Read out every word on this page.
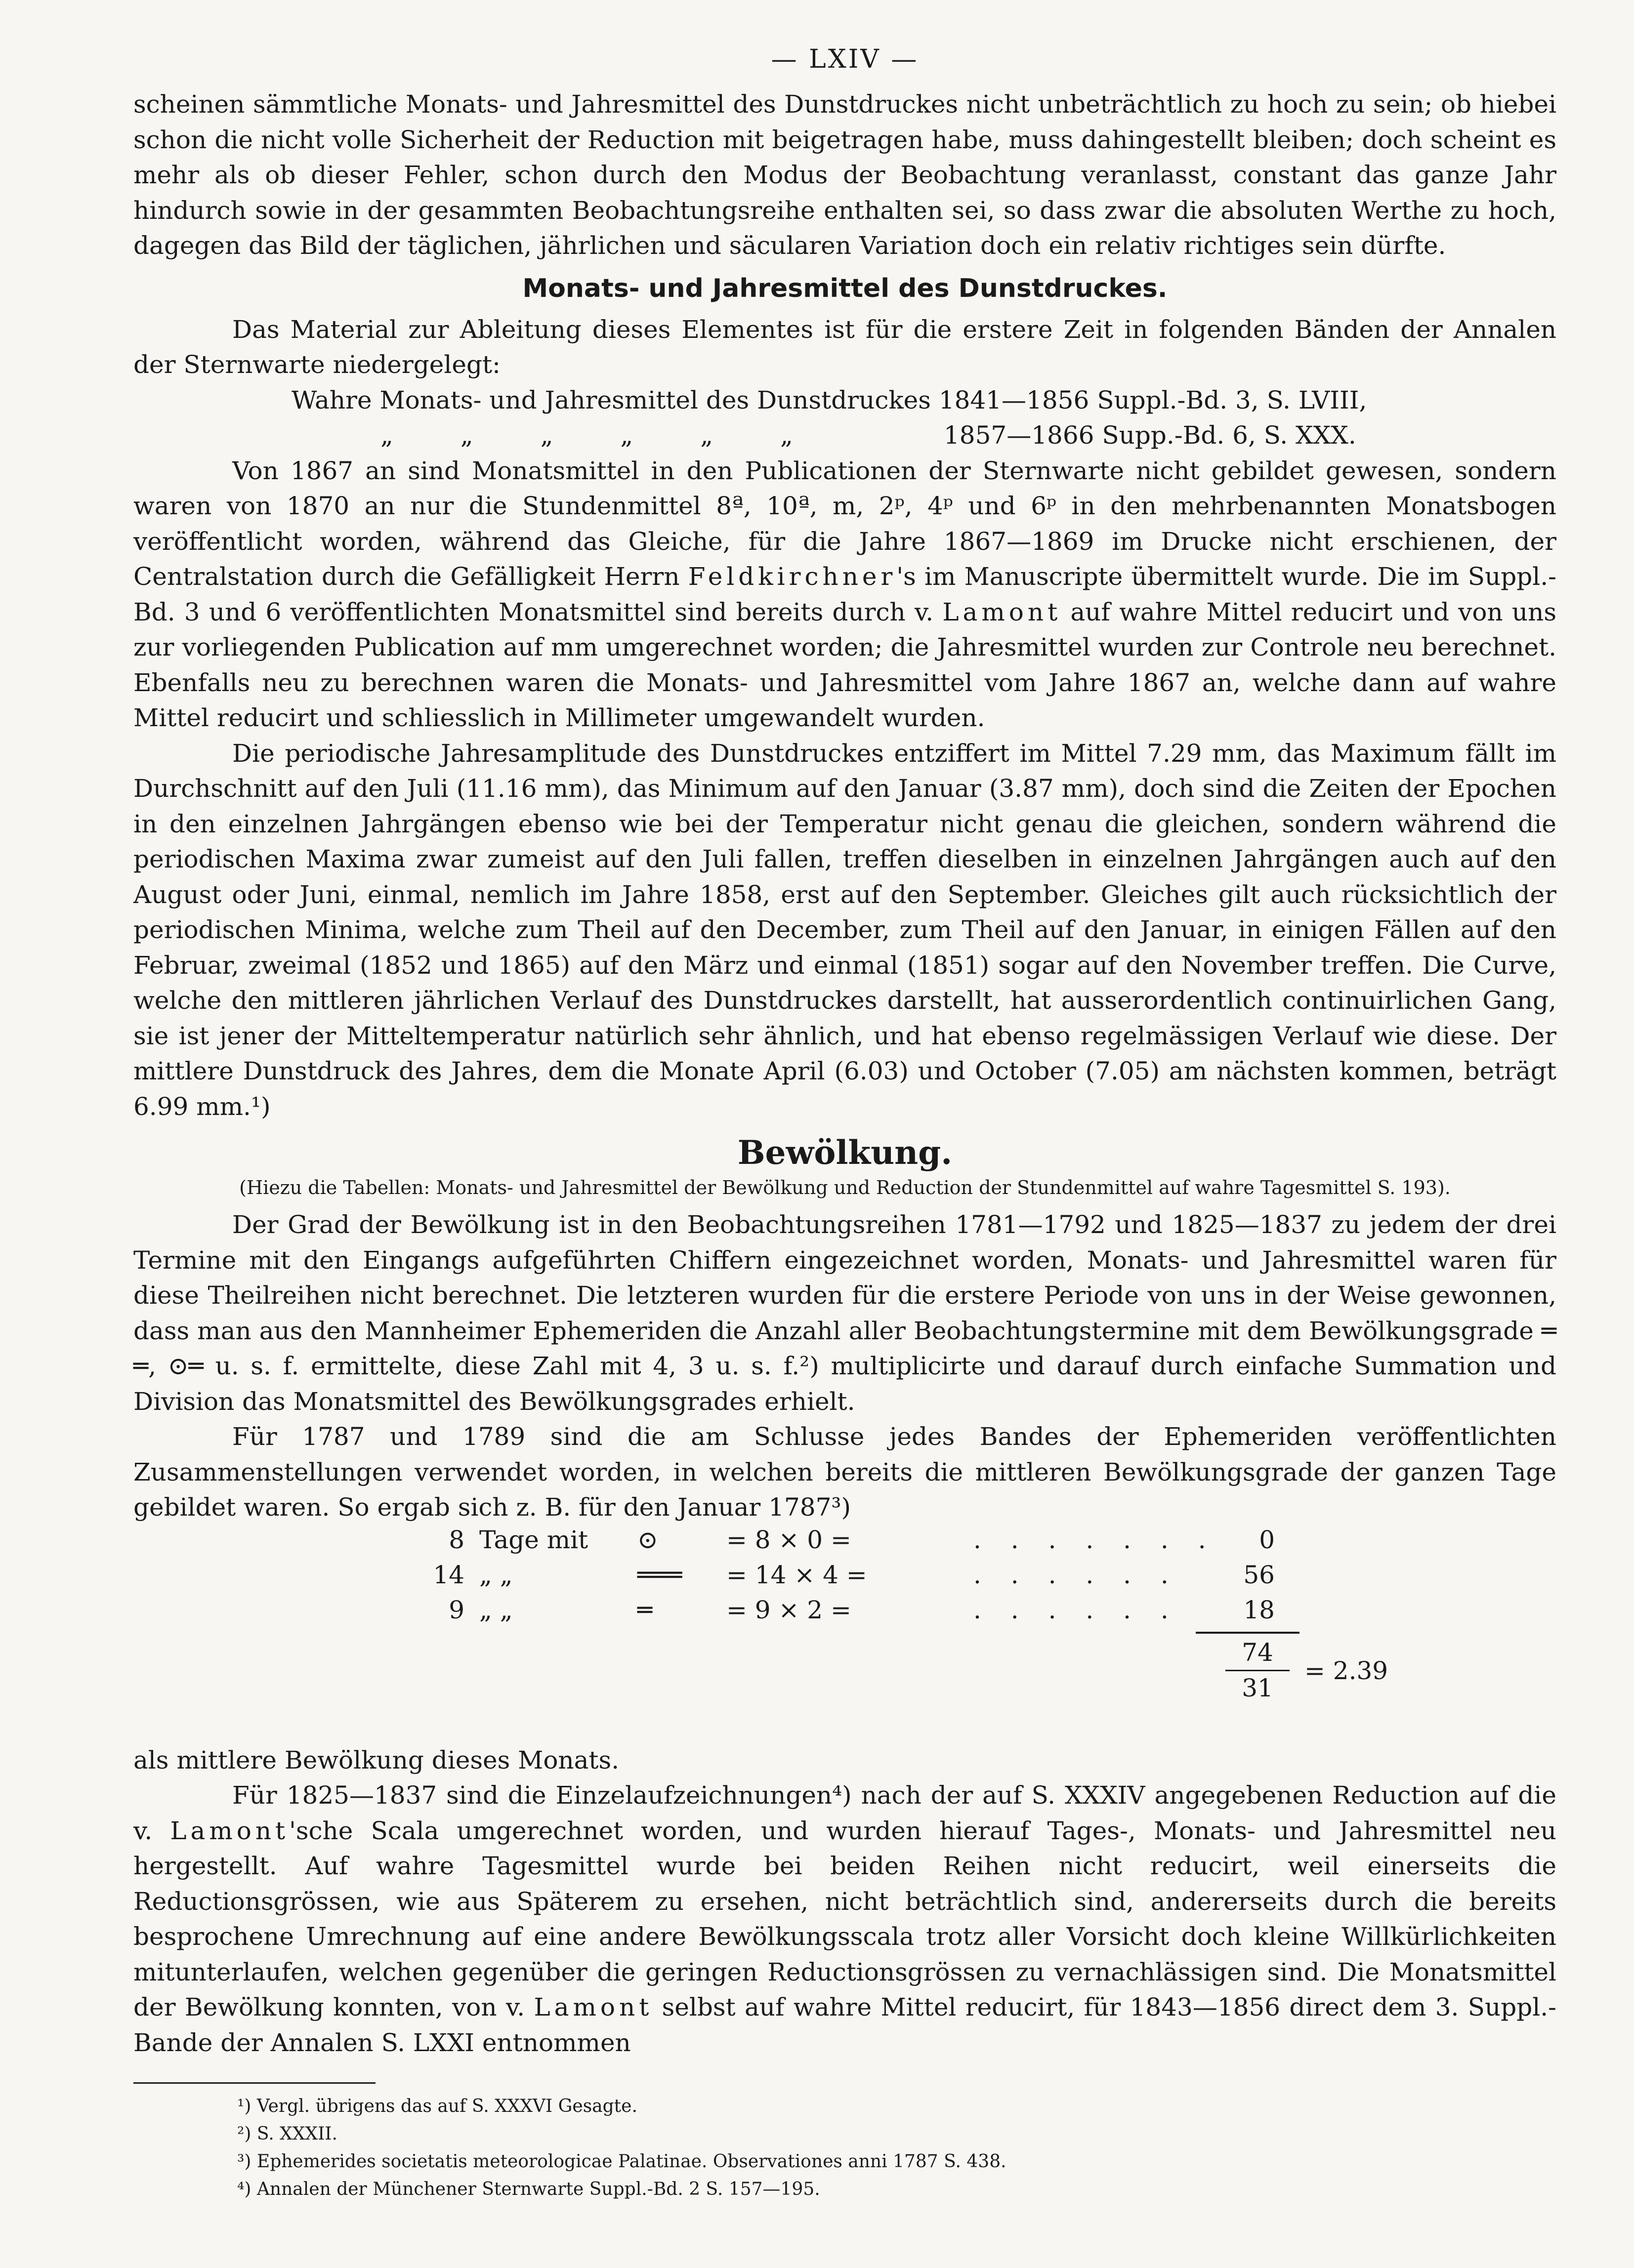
— LXIV —

scheinen sämmtliche Monats- und Jahresmittel des Dunstdruckes nicht unbeträchtlich zu hoch zu sein; ob hiebei schon die nicht volle Sicherheit der Reduction mit beigetragen habe, muss dahingestellt bleiben; doch scheint es mehr als ob dieser Fehler, schon durch den Modus der Beobachtung veranlasst, constant das ganze Jahr hindurch sowie in der gesammten Beobachtungsreihe enthalten sei, so dass zwar die absoluten Werthe zu hoch, dagegen das Bild der täglichen, jährlichen und säcularen Variation doch ein relativ richtiges sein dürfte.

Monats- und Jahresmittel des Dunstdruckes.

Das Material zur Ableitung dieses Elementes ist für die erstere Zeit in folgenden Bänden der Annalen der Sternwarte niedergelegt:

Wahre Monats- und Jahresmittel des Dunstdruckes 1841—1856 Suppl.-Bd. 3, S. LVIII,
„ „ „ „ „ „	1857—1866 Supp.-Bd. 6, S. XXX.

Von 1867 an sind Monatsmittel in den Publicationen der Sternwarte nicht gebildet gewesen, sondern waren von 1870 an nur die Stundenmittel 8ª, 10ª, m, 2ᵖ, 4ᵖ und 6ᵖ in den mehrbenannten Monatsbogen veröffentlicht worden, während das Gleiche, für die Jahre 1867—1869 im Drucke nicht erschienen, der Centralstation durch die Gefälligkeit Herrn Feldkirchner's im Manuscripte übermittelt wurde. Die im Suppl.-Bd. 3 und 6 veröffentlichten Monatsmittel sind bereits durch v. Lamont auf wahre Mittel reducirt und von uns zur vorliegenden Publication auf mm umgerechnet worden; die Jahresmittel wurden zur Controle neu berechnet. Ebenfalls neu zu berechnen waren die Monats- und Jahresmittel vom Jahre 1867 an, welche dann auf wahre Mittel reducirt und schliesslich in Millimeter umgewandelt wurden.

Die periodische Jahresamplitude des Dunstdruckes entziffert im Mittel 7.29 mm, das Maximum fällt im Durchschnitt auf den Juli (11.16 mm), das Minimum auf den Januar (3.87 mm), doch sind die Zeiten der Epochen in den einzelnen Jahrgängen ebenso wie bei der Temperatur nicht genau die gleichen, sondern während die periodischen Maxima zwar zumeist auf den Juli fallen, treffen dieselben in einzelnen Jahrgängen auch auf den August oder Juni, einmal, nemlich im Jahre 1858, erst auf den September. Gleiches gilt auch rücksichtlich der periodischen Minima, welche zum Theil auf den December, zum Theil auf den Januar, in einigen Fällen auf den Februar, zweimal (1852 und 1865) auf den März und einmal (1851) sogar auf den November treffen. Die Curve, welche den mittleren jährlichen Verlauf des Dunstdruckes darstellt, hat ausserordentlich continuirlichen Gang, sie ist jener der Mitteltemperatur natürlich sehr ähnlich, und hat ebenso regelmässigen Verlauf wie diese. Der mittlere Dunstdruck des Jahres, dem die Monate April (6.03) und October (7.05) am nächsten kommen, beträgt 6.99 mm.¹)

Bewölkung.
(Hiezu die Tabellen: Monats- und Jahresmittel der Bewölkung und Reduction der Stundenmittel auf wahre Tagesmittel S. 193).

Der Grad der Bewölkung ist in den Beobachtungsreihen 1781—1792 und 1825—1837 zu jedem der drei Termine mit den Eingangs aufgeführten Chiffern eingezeichnet worden, Monats- und Jahresmittel waren für diese Theilreihen nicht berechnet. Die letzteren wurden für die erstere Periode von uns in der Weise gewonnen, dass man aus den Mannheimer Ephemeriden die Anzahl aller Beobachtungstermine mit dem Bewölkungsgrade ═ ═, ⊙═ u. s. f. ermittelte, diese Zahl mit 4, 3 u. s. f.²) multiplicirte und darauf durch einfache Summation und Division das Monatsmittel des Bewölkungsgrades erhielt.

Für 1787 und 1789 sind die am Schlusse jedes Bandes der Ephemeriden veröffentlichten Zusammenstellungen verwendet worden, in welchen bereits die mittleren Bewölkungsgrade der ganzen Tage gebildet waren. So ergab sich z. B. für den Januar 1787³)

8 Tage mit ⊙	= 8 × 0 =	. . . . . . .	0
14 „ „	═══ = 14 × 4 =	. . . . . .	56
9 „ „	═	= 9 × 2 =	. . . . . .	18
74
31
= 2.39

als mittlere Bewölkung dieses Monats.

Für 1825—1837 sind die Einzelaufzeichnungen⁴) nach der auf S. XXXIV angegebenen Reduction auf die v. Lamont'sche Scala umgerechnet worden, und wurden hierauf Tages-, Monats- und Jahresmittel neu hergestellt. Auf wahre Tagesmittel wurde bei beiden Reihen nicht reducirt, weil einerseits die Reductionsgrössen, wie aus Späterem zu ersehen, nicht beträchtlich sind, andererseits durch die bereits besprochene Umrechnung auf eine andere Bewölkungsscala trotz aller Vorsicht doch kleine Willkürlichkeiten mitunterlaufen, welchen gegenüber die geringen Reductionsgrössen zu vernachlässigen sind. Die Monatsmittel der Bewölkung konnten, von v. Lamont selbst auf wahre Mittel reducirt, für 1843—1856 direct dem 3. Suppl.-Bande der Annalen S. LXXI entnommen

¹) Vergl. übrigens das auf S. XXXVI Gesagte.
²) S. XXXII.
³) Ephemerides societatis meteorologicae Palatinae. Observationes anni 1787 S. 438.
⁴) Annalen der Münchener Sternwarte Suppl.-Bd. 2 S. 157—195.
